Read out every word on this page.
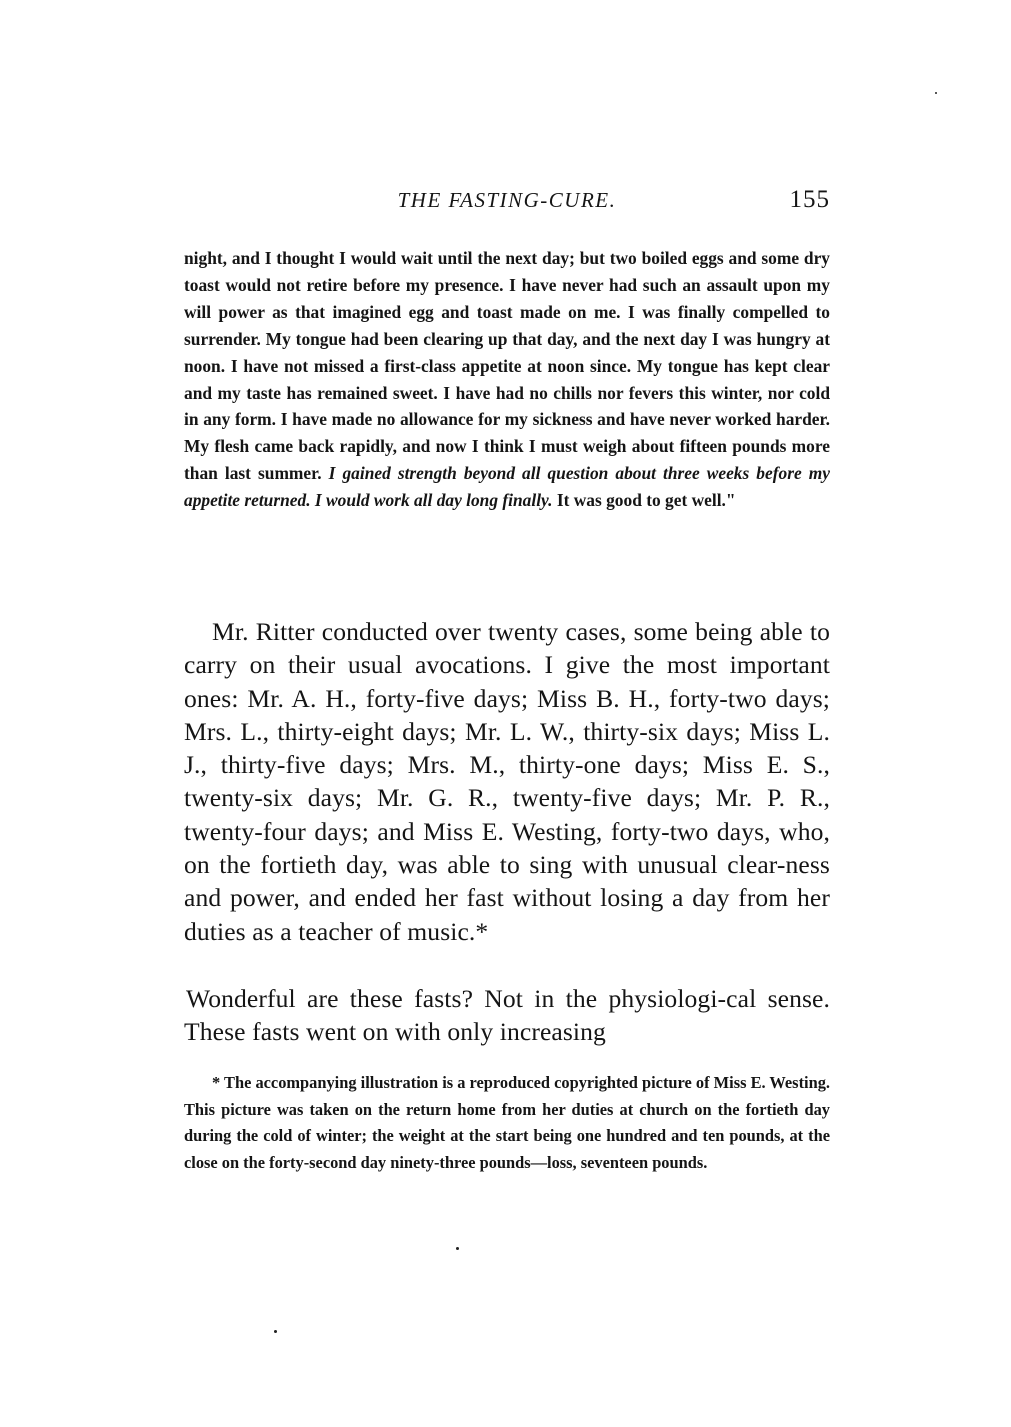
THE FASTING-CURE.	155
night, and I thought I would wait until the next day; but two boiled eggs and some dry toast would not retire before my presence. I have never had such an assault upon my will power as that imagined egg and toast made on me. I was finally compelled to surrender. My tongue had been clearing up that day, and the next day I was hungry at noon. I have not missed a first-class appetite at noon since. My tongue has kept clear and my taste has remained sweet. I have had no chills nor fevers this winter, nor cold in any form. I have made no allowance for my sickness and have never worked harder. My flesh came back rapidly, and now I think I must weigh about fifteen pounds more than last summer. I gained strength beyond all question about three weeks before my appetite returned. I would work all day long finally. It was good to get well."
Mr. Ritter conducted over twenty cases, some being able to carry on their usual avocations. I give the most important ones: Mr. A. H., forty-five days; Miss B. H., forty-two days; Mrs. L., thirty-eight days; Mr. L. W., thirty-six days; Miss L. J., thirty-five days; Mrs. M., thirty-one days; Miss E. S., twenty-six days; Mr. G. R., twenty-five days; Mr. P. R., twenty-four days; and Miss E. Westing, forty-two days, who, on the fortieth day, was able to sing with unusual clear-ness and power, and ended her fast without losing a day from her duties as a teacher of music.*
Wonderful are these fasts? Not in the physiologi-cal sense. These fasts went on with only increasing
* The accompanying illustration is a reproduced copyrighted picture of Miss E. Westing. This picture was taken on the return home from her duties at church on the fortieth day during the cold of winter; the weight at the start being one hundred and ten pounds, at the close on the forty-second day ninety-three pounds—loss, seventeen pounds.
